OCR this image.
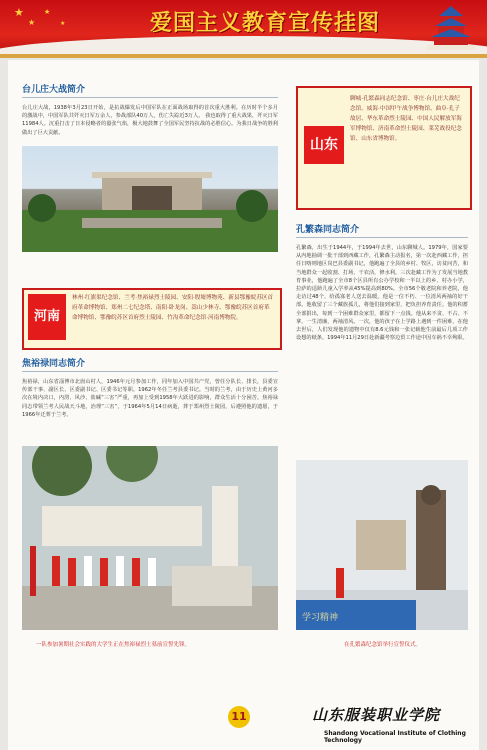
★
★
★
★	爱国主义教育宣传挂图
台儿庄大战简介

台儿庄大战，1938年3月23日开始，是抗战爆发后中国军队在正面战场取得的首次重大胜利。在历时半个多月的激战中，中国军队共歼灭日军万余人，参战部队40万人，伤亡失踪近3万人。 我也取得了重大战果，歼灭日军11984人。沉重打击了日本侵略者的嚣张气焰，极大地鼓舞了全国军民坚持抗战的必胜信心。为我日战争的胜利做出了巨大贡献。

河南
林州·红旗渠纪念馆、兰考·焦裕禄烈士陵园、安阳·殷墟博物苑、新县鄂豫皖苏区首府革命博物馆、郑州二七纪念塔、南阳·卧龙岗、嵩山少林寺、鄂豫皖苏区首府革命博物馆、鄂豫皖苏区首府烈士陵园、竹沟革命纪念馆·河南博物院。
焦裕禄同志简介

焦裕禄，山东省淄博市北崮山村人，1946年元月参加工作，同年加入中国共产党，曾任分队长、排长，县委宣传部干事、副区长、区委副书记、区委书记等职。1962年冬任兰考县委书记。当时的兰考，由于历史上黄河多次在境内决口，内涝、风沙、盐碱“三害”严重，再加上受到1958年大跃进的影响，群众生活十分困苦。焦裕禄同志带领兰考人民战天斗地，治理“三害”，于1964年5月14日病逝，葬于郑州烈士陵园，后遵照他的遗愿，于1966年迁葬于兰考。

一队参加暑期社会实践的大学生正在焦裕禄烈士墓前宣誓先锋。
山东
聊城·孔繁森同志纪念馆、枣庄·台儿庄大战纪念馆、威海·中国甲午战争博物馆、曲阜·孔子故居、华东革命烈士陵园、中国人民解放军海军博物馆、济南革命烈士陵园、莱芜战役纪念馆、山东省博物馆。
孔繁森同志简介

孔繁森，出生于1944年，于1994年去世，山东聊城人。1979年，国家要从内地抽调一批干部到西藏工作，孔繁森主动报名，第一次赴西藏工作，担任日喀则地区岗巴县委副书记，他跑遍了全县的乡村、牧区，访贫问苦，和当地群众一起收割、打场，干农活，修水利。三次赴藏工作为了发展当地教育事业，他跑遍了全市8个区县所有公办学校和一半以上的乡、村办小学，拉萨的适龄儿童入学率从45%提高到80%。全市56个敬老院和养老院，他走访过48个，给孤寡老人送去温暖。他是一位不朽、一位清风两袖的好干部。他收留了三个藏族孤儿，将他们接到家里，把负担养育责任。他的积蓄全部捐出，每到一个困难群众家里，都留下一点钱。他从来不贪、不占、不拿，一生清廉，两袖清风。一次，他的孩子在上学路上遇到一件困难，在他去世后，人们发现他的遗物中仅有8.6元钱和一张记载他生前最后几项工作设想的纸条。1994年11月29日赴新疆考察边贸工作途中因车祸不幸殉职。

学习精神
在孔繁森纪念馆举行宣誓仪式。
11	山东服装职业学院
Shandong Vocational Institute of Clothing Technology
